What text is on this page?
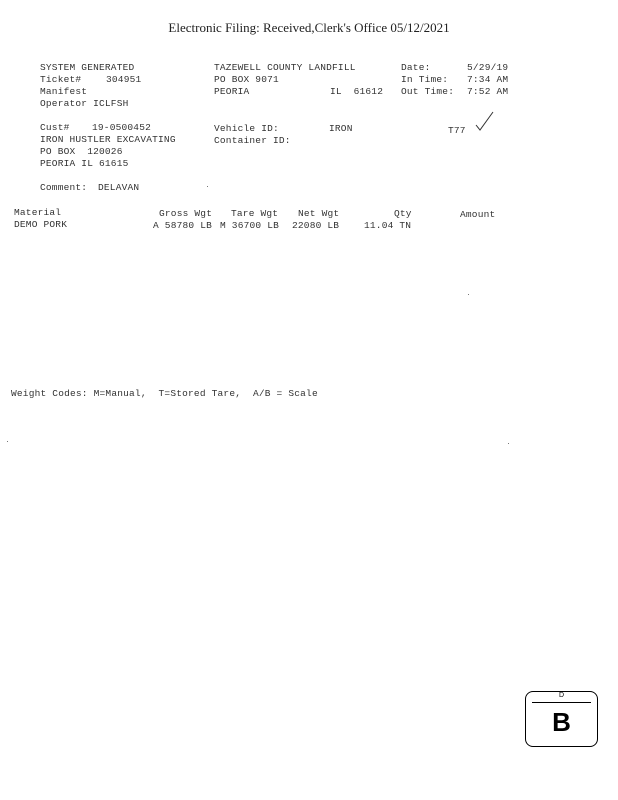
Electronic Filing: Received,Clerk's Office 05/12/2021
SYSTEM GENERATED
Ticket#	304951
Manifest
Operator ICLFSH
TAZEWELL COUNTY LANDFILL
PO BOX 9071
PEORIA	IL  61612
Date:	5/29/19
In Time: 7:34 AM
Out Time: 7:52 AM
Cust# 19-0500452
IRON HUSTLER EXCAVATING
PO BOX  120026
PEORIA IL 61615
Vehicle ID:	IRON
Container ID:
T77
Comment: DELAVAN
Material	Gross Wgt Tare Wgt Net Wgt	Qty	Amount
DEMO PORK	A 58780 LB M 36700 LB 22080 LB	11.04 TN
Weight Codes: M=Manual,  T=Stored Tare,  A/B = Scale
D
B
